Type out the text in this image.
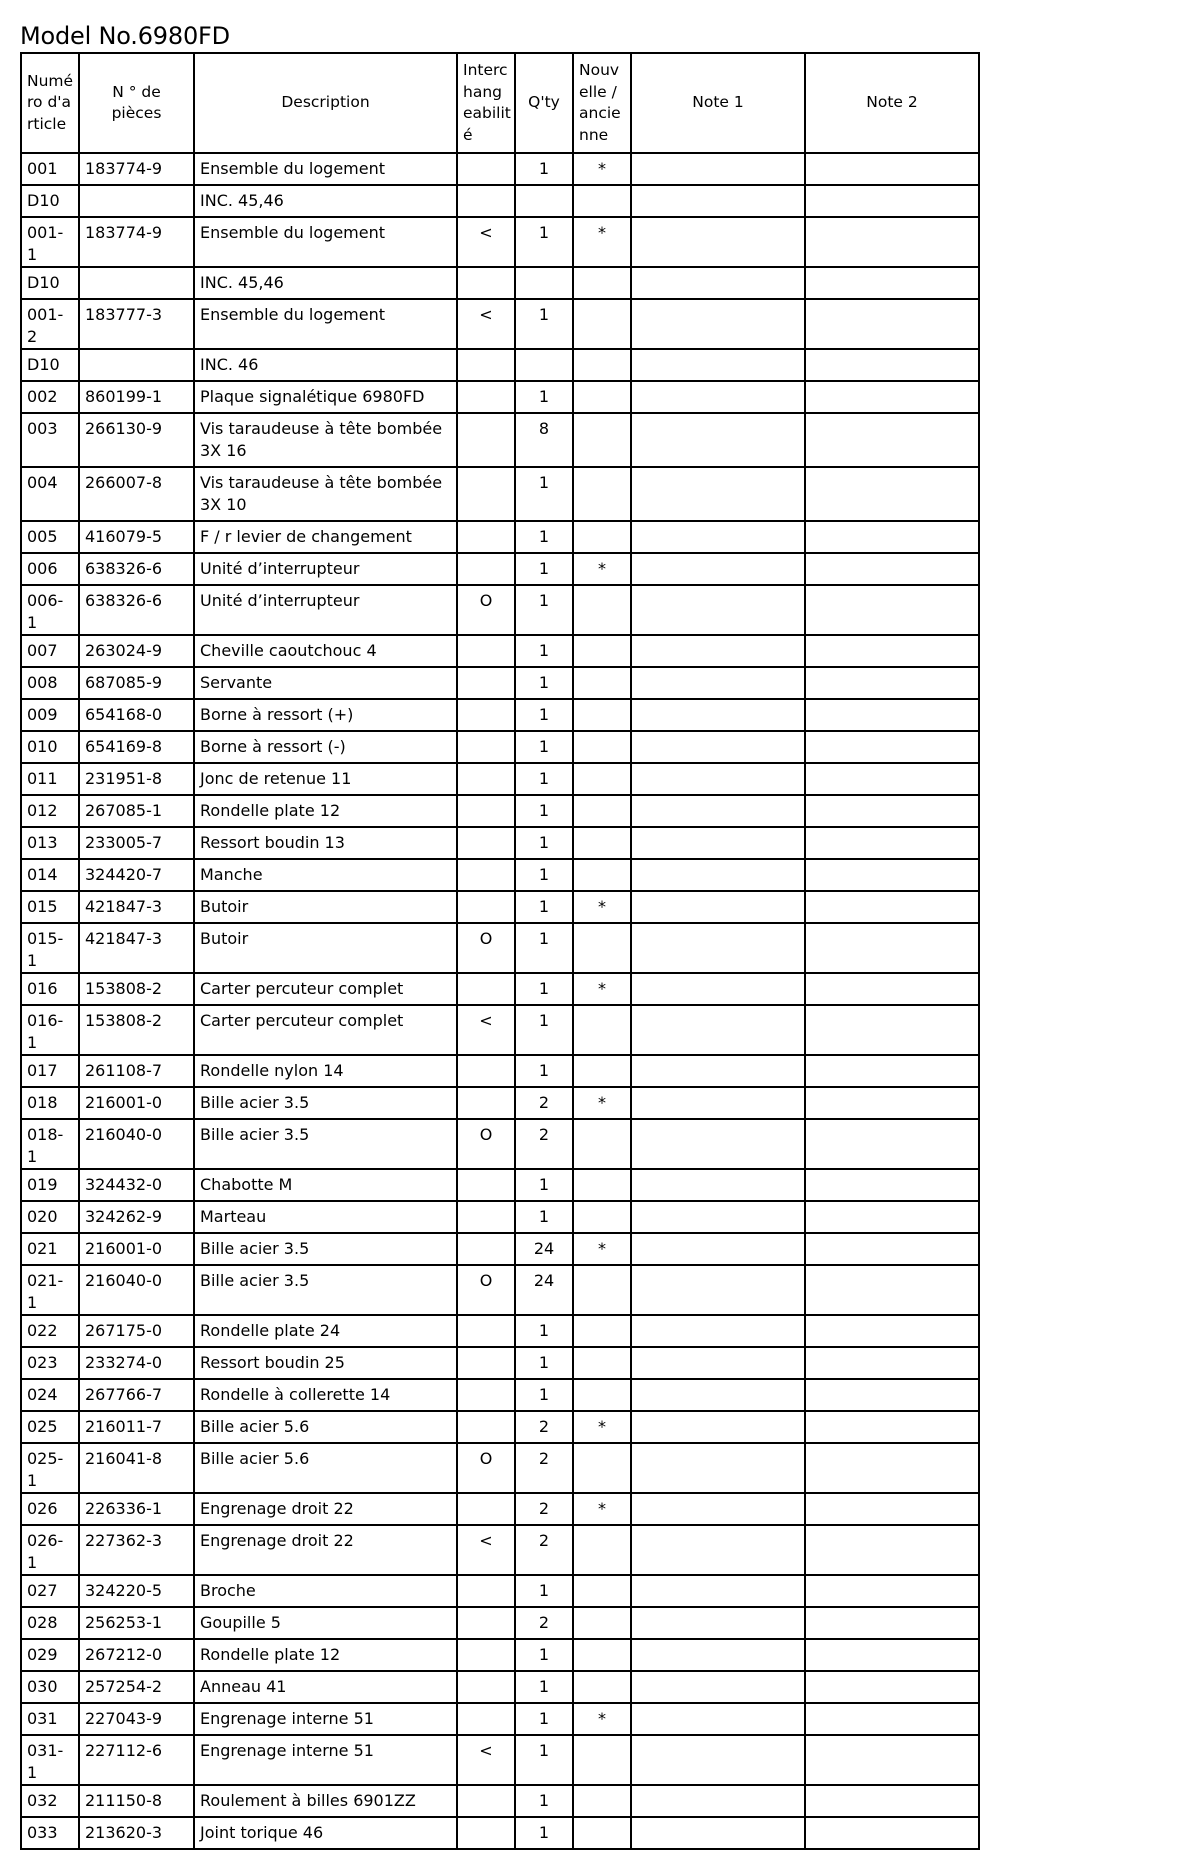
Model No.6980FD
Numé ro d'a rticle	N ° de pièces	Description	Interc hang eabilit é	Q'ty	Nouv elle / ancie nne	Note 1	Note 2
001	183774-9	Ensemble du logement		1	*		
D10		INC. 45,46					
001-1	183774-9	Ensemble du logement	<	1	*		
D10		INC. 45,46					
001-2	183777-3	Ensemble du logement	<	1			
D10		INC. 46					
002	860199-1	Plaque signalétique 6980FD		1			
003	266130-9	Vis taraudeuse à tête bombée 3X 16		8			
004	266007-8	Vis taraudeuse à tête bombée 3X 10		1			
005	416079-5	F / r levier de changement		1			
006	638326-6	Unité d’interrupteur		1	*		
006-1	638326-6	Unité d’interrupteur	O	1			
007	263024-9	Cheville caoutchouc 4		1			
008	687085-9	Servante		1			
009	654168-0	Borne à ressort (+)		1			
010	654169-8	Borne à ressort (-)		1			
011	231951-8	Jonc de retenue 11		1			
012	267085-1	Rondelle plate 12		1			
013	233005-7	Ressort boudin 13		1			
014	324420-7	Manche		1			
015	421847-3	Butoir		1	*		
015-1	421847-3	Butoir	O	1			
016	153808-2	Carter percuteur complet		1	*		
016-1	153808-2	Carter percuteur complet	<	1			
017	261108-7	Rondelle nylon 14		1			
018	216001-0	Bille acier 3.5		2	*		
018-1	216040-0	Bille acier 3.5	O	2			
019	324432-0	Chabotte M		1			
020	324262-9	Marteau		1			
021	216001-0	Bille acier 3.5		24	*		
021-1	216040-0	Bille acier 3.5	O	24			
022	267175-0	Rondelle plate 24		1			
023	233274-0	Ressort boudin 25		1			
024	267766-7	Rondelle à collerette 14		1			
025	216011-7	Bille acier 5.6		2	*		
025-1	216041-8	Bille acier 5.6	O	2			
026	226336-1	Engrenage droit 22		2	*		
026-1	227362-3	Engrenage droit 22	<	2			
027	324220-5	Broche		1			
028	256253-1	Goupille 5		2			
029	267212-0	Rondelle plate 12		1			
030	257254-2	Anneau 41		1			
031	227043-9	Engrenage interne 51		1	*		
031-1	227112-6	Engrenage interne 51	<	1			
032	211150-8	Roulement à billes 6901ZZ		1			
033	213620-3	Joint torique 46		1			
